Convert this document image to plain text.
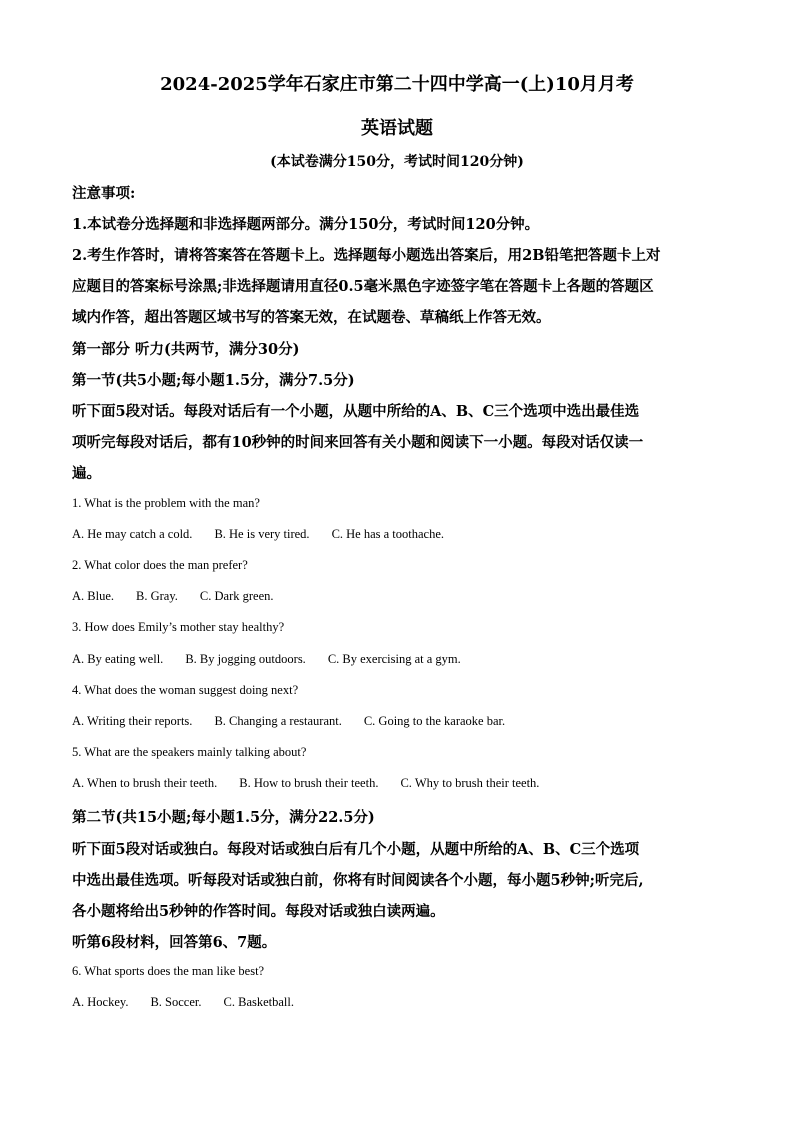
2024-2025学年石家庄市第二十四中学高一(上)10月月考
英语试题
(本试卷满分150分，考试时间120分钟)
注意事项:
1.本试卷分选择题和非选择题两部分。满分150分，考试时间120分钟。
2.考生作答时，请将答案答在答题卡上。选择题每小题选出答案后，用2B铅笔把答题卡上对
应题目的答案标号涂黑;非选择题请用直径0.5毫米黑色字迹签字笔在答题卡上各题的答题区
域内作答，超出答题区域书写的答案无效，在试题卷、草稿纸上作答无效。
第一部分 听力(共两节，满分30分)
第一节(共5小题;每小题1.5分，满分7.5分)
听下面5段对话。每段对话后有一个小题，从题中所给的A、B、C三个选项中选出最佳选
项听完每段对话后，都有10秒钟的时间来回答有关小题和阅读下一小题。每段对话仅读一
遍。
1. What is the problem with the man?
A. He may catch a cold. B. He is very tired. C. He has a toothache.
2. What color does the man prefer?
A. Blue. B. Gray. C. Dark green.
3. How does Emily’s mother stay healthy?
A. By eating well. B. By jogging outdoors. C. By exercising at a gym.
4. What does the woman suggest doing next?
A. Writing their reports. B. Changing a restaurant. C. Going to the karaoke bar.
5. What are the speakers mainly talking about?
A. When to brush their teeth. B. How to brush their teeth. C. Why to brush their teeth.
第二节(共15小题;每小题1.5分，满分22.5分)
听下面5段对话或独白。每段对话或独白后有几个小题，从题中所给的A、B、C三个选项
中选出最佳选项。听每段对话或独白前，你将有时间阅读各个小题，每小题5秒钟;听完后,
各小题将给出5秒钟的作答时间。每段对话或独白读两遍。
听第6段材料，回答第6、7题。
6. What sports does the man like best?
A. Hockey. B. Soccer. C. Basketball.
